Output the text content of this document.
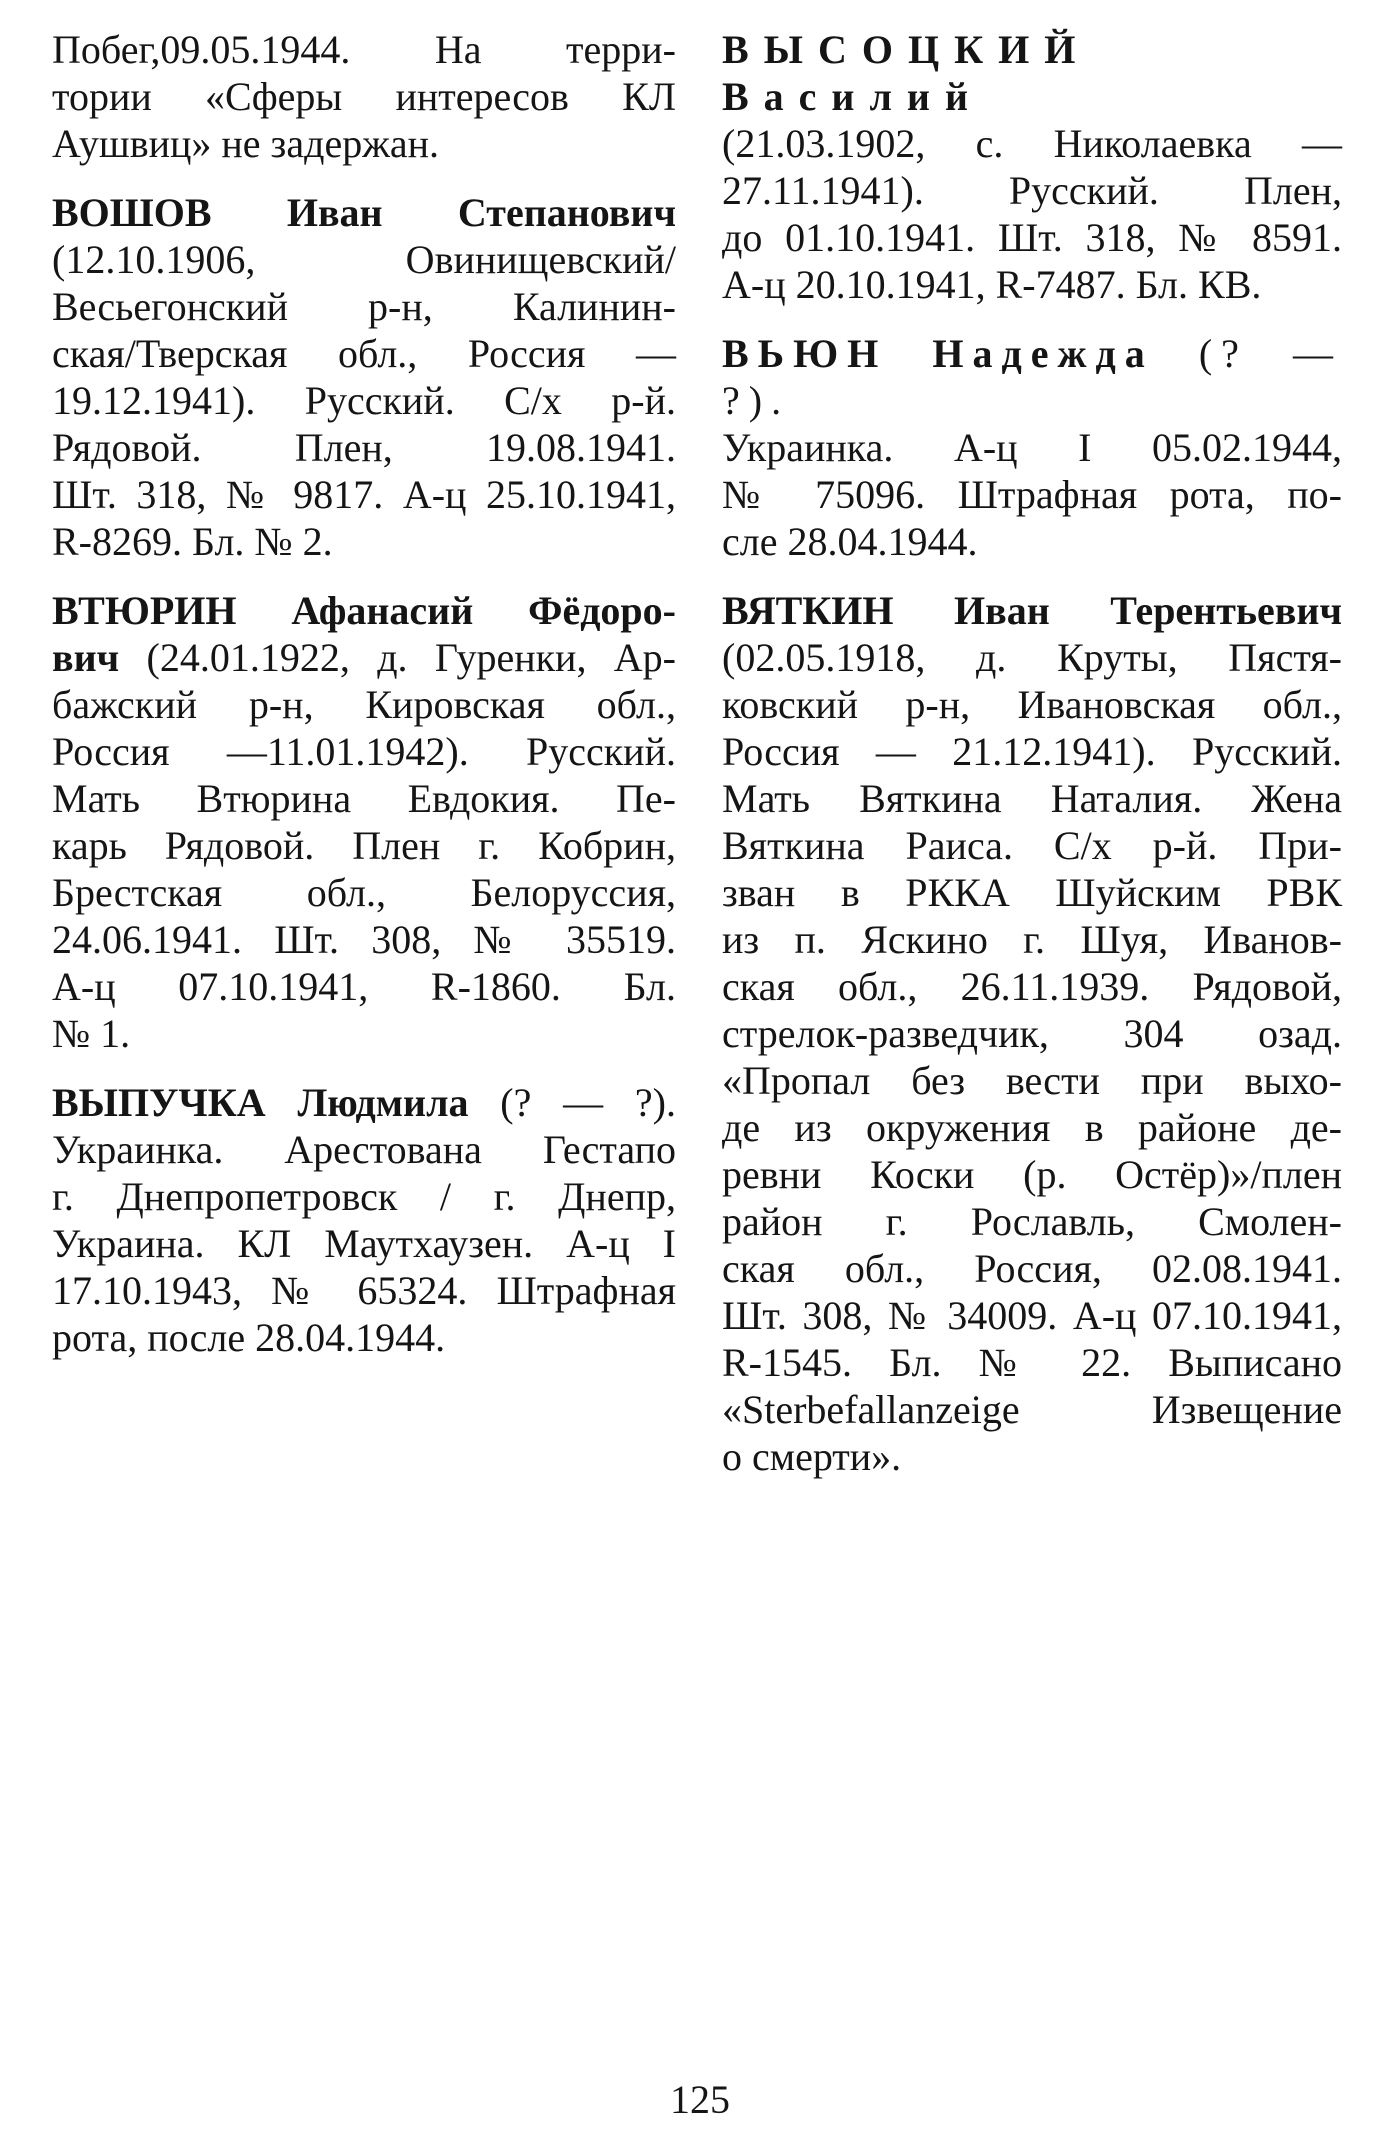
Побег,09.05.1944. На терри-
тории «Сферы интересов КЛ
Аушвиц» не задержан.
ВОШОВ Иван Степанович
(12.10.1906, Овинищевский/
Весьегонский р-н, Калинин-
ская/Тверская обл., Россия —
19.12.1941). Русский. С/х р-й.
Рядовой. Плен, 19.08.1941.
Шт. 318, № 9817. А-ц 25.10.1941,
R-8269. Бл. № 2.
ВТЮРИН Афанасий Фёдоро-
вич (24.01.1922, д. Гуренки, Ар-
бажский р-н, Кировская обл.,
Россия —11.01.1942). Русский.
Мать Втюрина Евдокия. Пе-
карь Рядовой. Плен г. Кобрин,
Брестская обл., Белоруссия,
24.06.1941. Шт. 308, № 35519.
А-ц 07.10.1941, R-1860. Бл.
№ 1.
ВЫПУЧКА Людмила (? — ?).
Украинка. Арестована Гестапо
г. Днепропетровск / г. Днепр,
Украина. КЛ Маутхаузен. А-ц I
17.10.1943, № 65324. Штрафная
рота, после 28.04.1944.
ВЫСОЦКИЙ Василий
(21.03.1902, с. Николаевка —
27.11.1941). Русский. Плен,
до 01.10.1941. Шт. 318, № 8591.
А-ц 20.10.1941, R-7487. Бл. КВ.
ВЬЮН Надежда (? — ?).
Украинка. А-ц I 05.02.1944,
№ 75096. Штрафная рота, по-
сле 28.04.1944.
ВЯТКИН Иван Терентьевич
(02.05.1918, д. Круты, Пястя-
ковский р-н, Ивановская обл.,
Россия — 21.12.1941). Русский.
Мать Вяткина Наталия. Жена
Вяткина Раиса. С/х р-й. При-
зван в РККА Шуйским РВК
из п. Яскино г. Шуя, Иванов-
ская обл., 26.11.1939. Рядовой,
стрелок-разведчик, 304 озад.
«Пропал без вести при выхо-
де из окружения в районе де-
ревни Коски (р. Остёр)»/плен
район г. Рославль, Смолен-
ская обл., Россия, 02.08.1941.
Шт. 308, № 34009. А-ц 07.10.1941,
R-1545. Бл. № 22. Выписано
«Sterbefallanzeige Извещение
о смерти».
125
